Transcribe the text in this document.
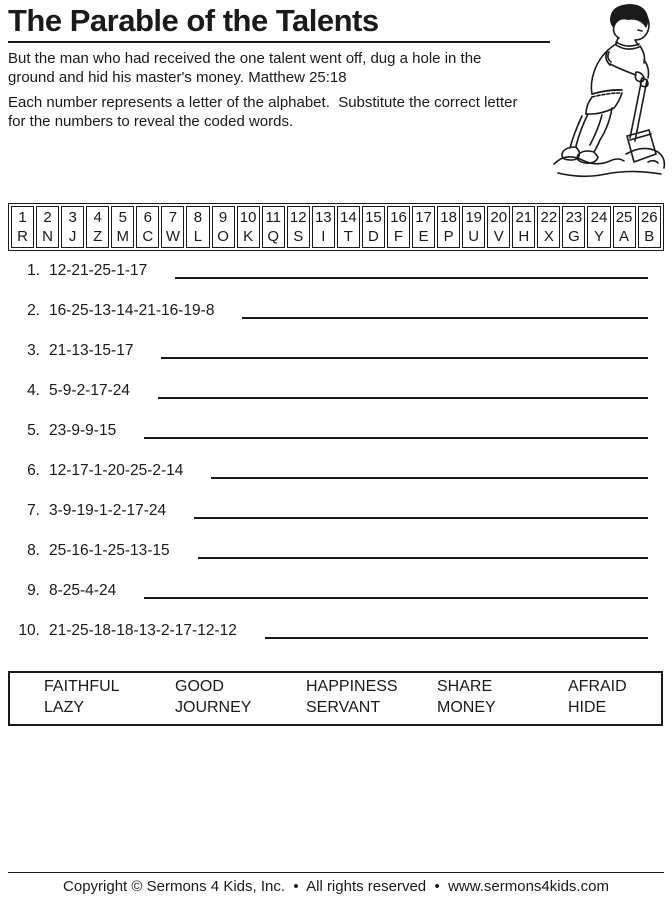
The Parable of the Talents
But the man who had received the one talent went off, dug a hole in the
ground and hid his master's money. Matthew 25:18
Each number represents a letter of the alphabet.  Substitute the correct letter
for the numbers to reveal the coded words.
1
R

2
N

3
J

4
Z

5
M

6
C

7
W

8
L

9
O

10
K

11
Q

12
S

13
I

14
T

15
D

16
F

17
E

18
P

19
U

20
V

21
H

22
X

23
G

24
Y

25
A

26
B
1. 12-21-25-1-17
2. 16-25-13-14-21-16-19-8
3. 21-13-15-17
4. 5-9-2-17-24
5. 23-9-9-15
6. 12-17-1-20-25-2-14
7. 3-9-19-1-2-17-24
8. 25-16-1-25-13-15
9. 8-25-4-24
10. 21-25-18-18-13-2-17-12-12
FAITHFUL	GOOD	HAPPINESS	SHARE	AFRAID
LAZY	JOURNEY	SERVANT	MONEY	HIDE
Copyright © Sermons 4 Kids, Inc.  •  All rights reserved  •  www.sermons4kids.com
